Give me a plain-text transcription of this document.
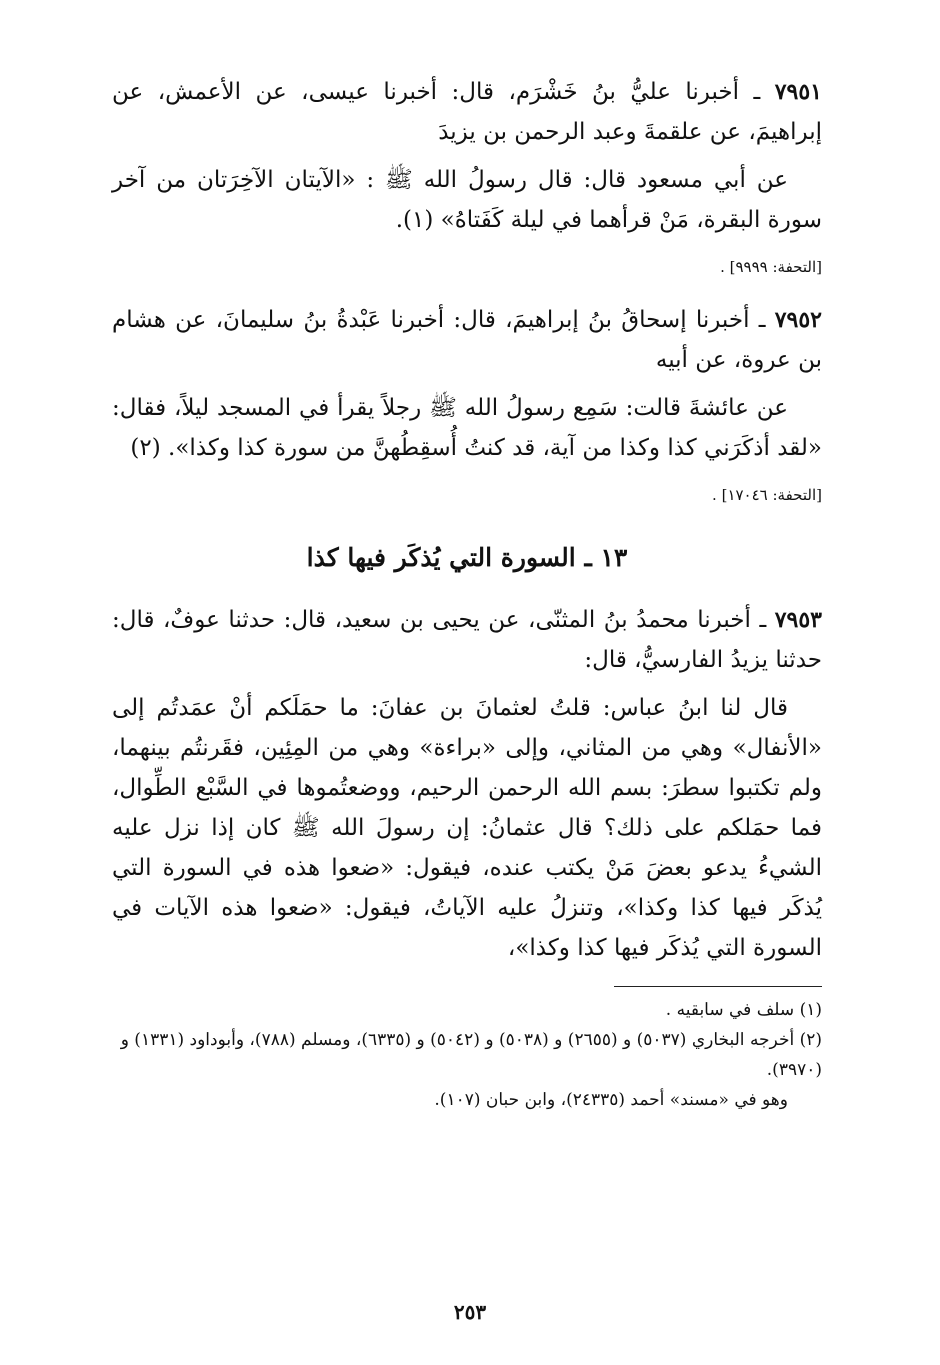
٧٩٥١ ـ أخبرنا عليُّ بنُ خَشْرَم، قال: أخبرنا عيسى، عن الأعمش، عن إبراهيمَ، عن علقمةَ وعبد الرحمن بن يزيدَ

عن أبي مسعود قال: قال رسولُ الله ﷺ : «الآيتان الآخِرَتان من آخر سورة البقرة، مَنْ قرأهما في ليلة كَفَتاهُ» (١).

[التحفة: ٩٩٩٩] .

٧٩٥٢ ـ أخبرنا إسحاقُ بنُ إبراهيمَ، قال: أخبرنا عَبْدةُ بنُ سليمانَ، عن هشام بن عروة، عن أبيه

عن عائشةَ قالت: سَمِع رسولُ الله ﷺ رجلاً يقرأ في المسجد ليلاً، فقال: «لقد أذكَرَني كذا وكذا من آية، قد كنتُ أُسقِطُهنَّ من سورة كذا وكذا». (٢)

[التحفة: ١٧٠٤٦] .

١٣ ـ السورة التي يُذكَر فيها كذا

٧٩٥٣ ـ أخبرنا محمدُ بنُ المثنّى، عن يحيى بن سعيد، قال: حدثنا عوفٌ، قال: حدثنا يزيدُ الفارسيُّ، قال:

قال لنا ابنُ عباس: قلتُ لعثمانَ بن عفانَ: ما حمَلَكم أنْ عمَدتُم إلى «الأنفال» وهي من المثاني، وإلى «براءة» وهي من المِئِين، فقَرنتُم بينهما، ولم تكتبوا سطرَ: بسم الله الرحمن الرحيم، ووضعتُموها في السَّبْع الطِّوال، فما حمَلكم على ذلك؟ قال عثمانُ: إن رسولَ الله ﷺ كان إذا نزل عليه الشيءُ يدعو بعضَ مَنْ يكتب عنده، فيقول: «ضعوا هذه في السورة التي يُذكَر فيها كذا وكذا»، وتنزلُ عليه الآياتُ، فيقول: «ضعوا هذه الآيات في السورة التي يُذكَر فيها كذا وكذا»،

(١) سلف في سابقيه .

(٢) أخرجه البخاري (٥٠٣٧) و (٢٦٥٥) و (٥٠٣٨) و (٥٠٤٢) و (٦٣٣٥)، ومسلم (٧٨٨)، وأبوداود (١٣٣١) و (٣٩٧٠).

وهو في «مسند» أحمد (٢٤٣٣٥)، وابن حبان (١٠٧).

٢٥٣
